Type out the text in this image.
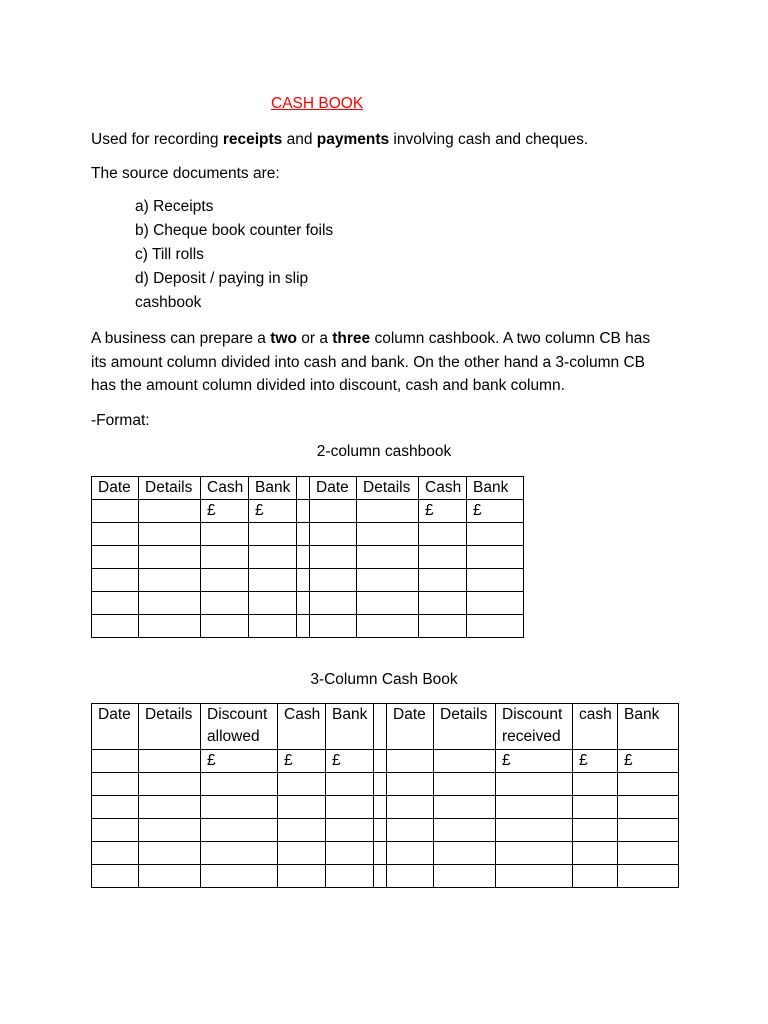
CASH BOOK
Used for recording receipts and payments involving cash and cheques.
The source documents are:
a) Receipts
b) Cheque book counter foils
c) Till rolls
d) Deposit / paying in slip
cashbook
A business can prepare a two or a three column cashbook. A two column CB has
its amount column divided into cash and bank. On the other hand a 3-column CB
has the amount column divided into discount, cash and bank column.
-Format:
2-column cashbook
Date	Details	Cash	Bank		Date	Details	Cash	Bank
		£	£				£	£

3-Column Cash Book
Date	Details	Discount allowed	Cash	Bank		Date	Details	Discount received	cash	Bank
		£	£	£				£	£	£
